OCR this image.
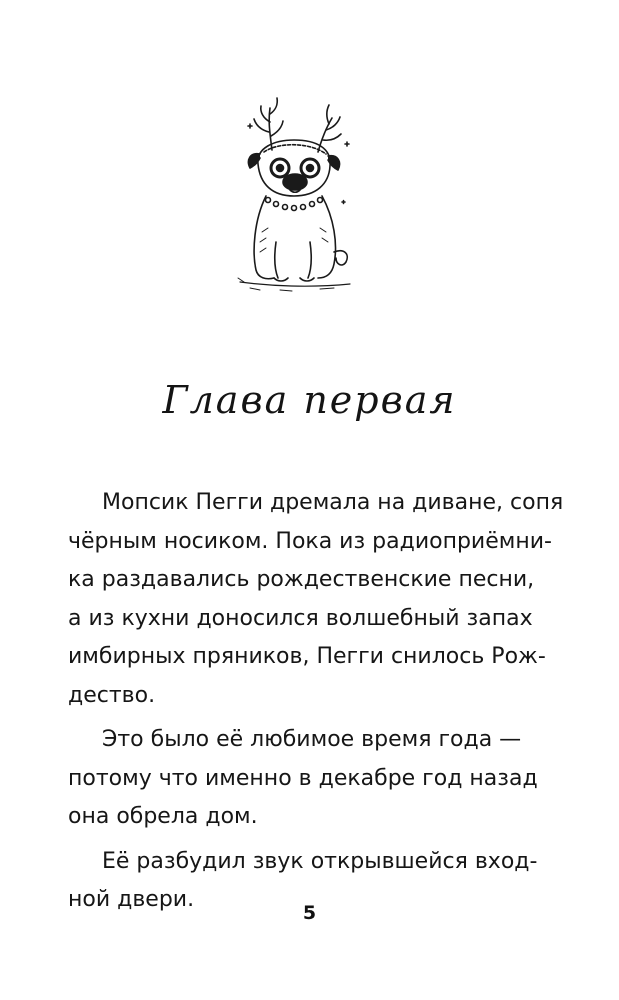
Глава первая

Мопсик Пегги дремала на диване, сопя
чёрным носиком. Пока из радиоприёмни-
ка раздавались рождественские песни,
а из кухни доносился волшебный запах
имбирных пряников, Пегги снилось Рож-
дество.

Это было её любимое время года —
потому что именно в декабре год назад
она обрела дом.

Её разбудил звук открывшейся вход-
ной двери.

5
